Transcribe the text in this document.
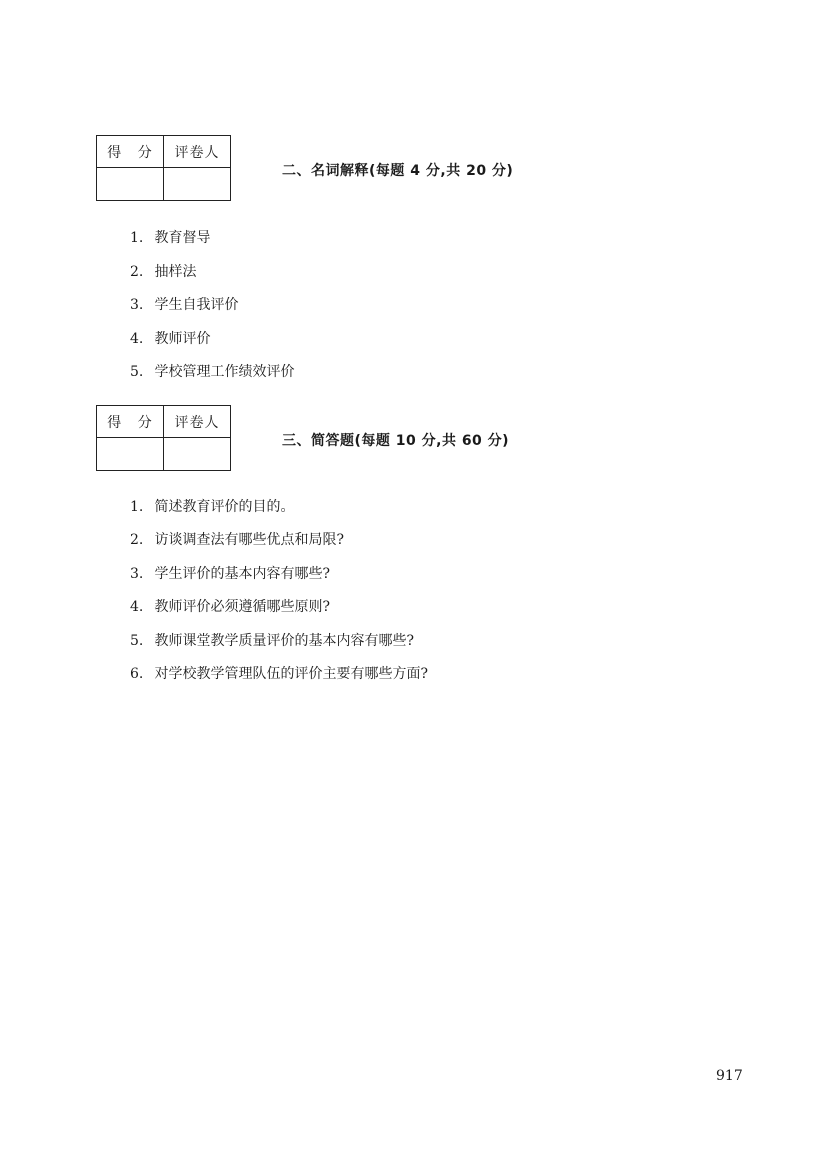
得 分	评卷人

二、名词解释(每题 4 分,共 20 分)
1. 教育督导
2. 抽样法
3. 学生自我评价
4. 教师评价
5. 学校管理工作绩效评价
得 分	评卷人

三、简答题(每题 10 分,共 60 分)
1. 简述教育评价的目的。
2. 访谈调查法有哪些优点和局限?
3. 学生评价的基本内容有哪些?
4. 教师评价必须遵循哪些原则?
5. 教师课堂教学质量评价的基本内容有哪些?
6. 对学校教学管理队伍的评价主要有哪些方面?
917
